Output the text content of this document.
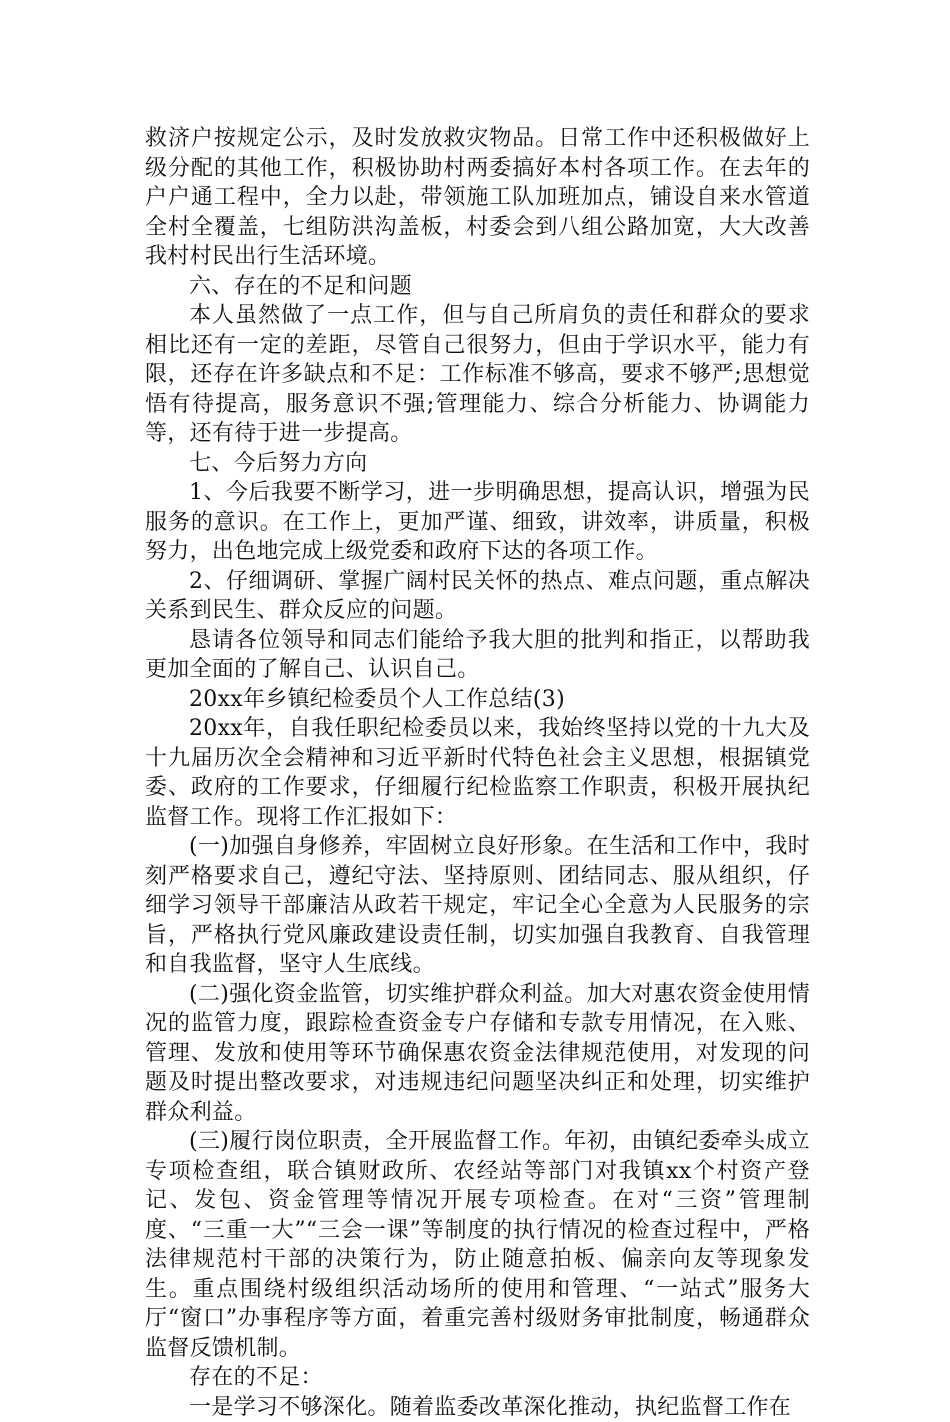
救济户按规定公示，及时发放救灾物品。日常工作中还积极做好上级分配的其他工作，积极协助村两委搞好本村各项工作。在去年的户户通工程中，全力以赴，带领施工队加班加点，铺设自来水管道全村全覆盖，七组防洪沟盖板，村委会到八组公路加宽，大大改善我村村民出行生活环境。

六、存在的不足和问题

本人虽然做了一点工作，但与自己所肩负的责任和群众的要求相比还有一定的差距，尽管自己很努力，但由于学识水平，能力有限，还存在许多缺点和不足：工作标准不够高，要求不够严;思想觉悟有待提高，服务意识不强;管理能力、综合分析能力、协调能力等，还有待于进一步提高。

七、今后努力方向

1、今后我要不断学习，进一步明确思想，提高认识，增强为民服务的意识。在工作上，更加严谨、细致，讲效率，讲质量，积极努力，出色地完成上级党委和政府下达的各项工作。

2、仔细调研、掌握广阔村民关怀的热点、难点问题，重点解决关系到民生、群众反应的问题。

恳请各位领导和同志们能给予我大胆的批判和指正，以帮助我更加全面的了解自己、认识自己。

20xx年乡镇纪检委员个人工作总结(3)

20xx年，自我任职纪检委员以来，我始终坚持以党的十九大及十九届历次全会精神和习近平新时代特色社会主义思想，根据镇党委、政府的工作要求，仔细履行纪检监察工作职责，积极开展执纪监督工作。现将工作汇报如下：

(一)加强自身修养，牢固树立良好形象。在生活和工作中，我时刻严格要求自己，遵纪守法、坚持原则、团结同志、服从组织，仔细学习领导干部廉洁从政若干规定，牢记全心全意为人民服务的宗旨，严格执行党风廉政建设责任制，切实加强自我教育、自我管理和自我监督，坚守人生底线。

(二)强化资金监管，切实维护群众利益。加大对惠农资金使用情况的监管力度，跟踪检查资金专户存储和专款专用情况，在入账、管理、发放和使用等环节确保惠农资金法律规范使用，对发现的问题及时提出整改要求，对违规违纪问题坚决纠正和处理，切实维护群众利益。

(三)履行岗位职责，全开展监督工作。年初，由镇纪委牵头成立专项检查组，联合镇财政所、农经站等部门对我镇xx个村资产登记、发包、资金管理等情况开展专项检查。在对“三资”管理制度、“三重一大”“三会一课”等制度的执行情况的检查过程中，严格法律规范村干部的决策行为，防止随意拍板、偏亲向友等现象发生。重点围绕村级组织活动场所的使用和管理、“一站式”服务大厅“窗口”办事程序等方面，着重完善村级财务审批制度，畅通群众监督反馈机制。

存在的不足：

一是学习不够深化。随着监委改革深化推动，执纪监督工作在
